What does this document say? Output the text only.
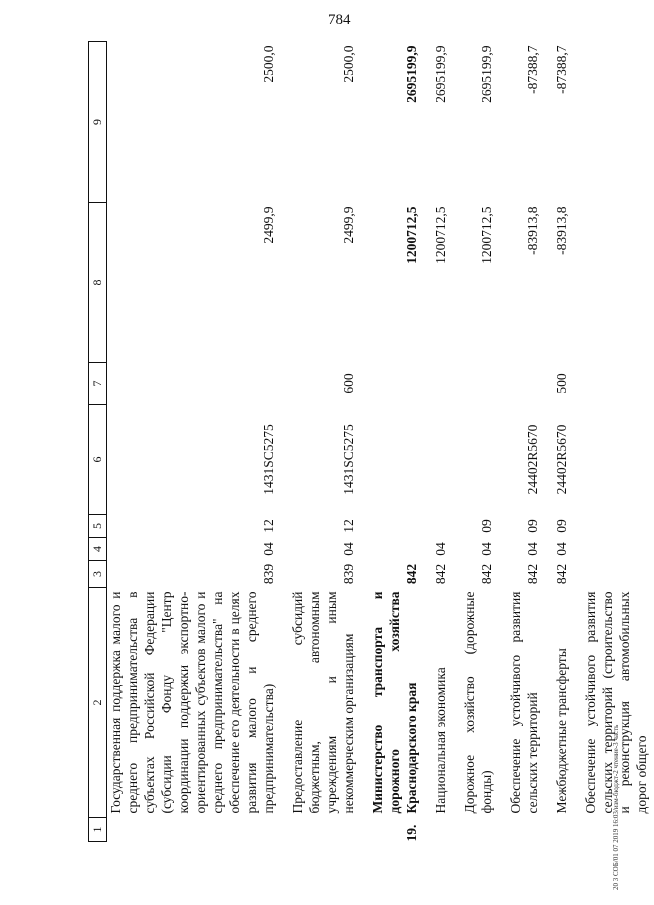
784
20 3 СОБ/01 07 2019 16:03/изм-бюджт-2 чтение-3 часть
1	2	3	4	5	6	7	8	9
	Государственная поддержка малого и среднего предпринимательства в субъектах Российской Федерации (субсидии Фонду "Центр координации поддержки экспортно-ориентированных субъектов малого и среднего предпринимательства" на обеспечение его деятельности в целях развития малого и среднего предпринимательства)	839	04	12	1431SC5275		2499,9	2500,0
	Предоставление субсидий бюджетным, автономным учреждениям и иным некоммерческим организациям	839	04	12	1431SC5275	600	2499,9	2500,0
19.	Министерство транспорта и дорожного хозяйства Краснодарского края	842					1200712,5	2695199,9
	Национальная экономика	842	04				1200712,5	2695199,9
	Дорожное хозяйство (дорожные фонды)	842	04	09			1200712,5	2695199,9
	Обеспечение устойчивого развития сельских территорий	842	04	09	24402R5670		-83913,8	-87388,7
	Межбюджетные трансферты	842	04	09	24402R5670	500	-83913,8	-87388,7
	Обеспечение устойчивого развития сельских территорий (строительство и реконструкция автомобильных дорог общего							
